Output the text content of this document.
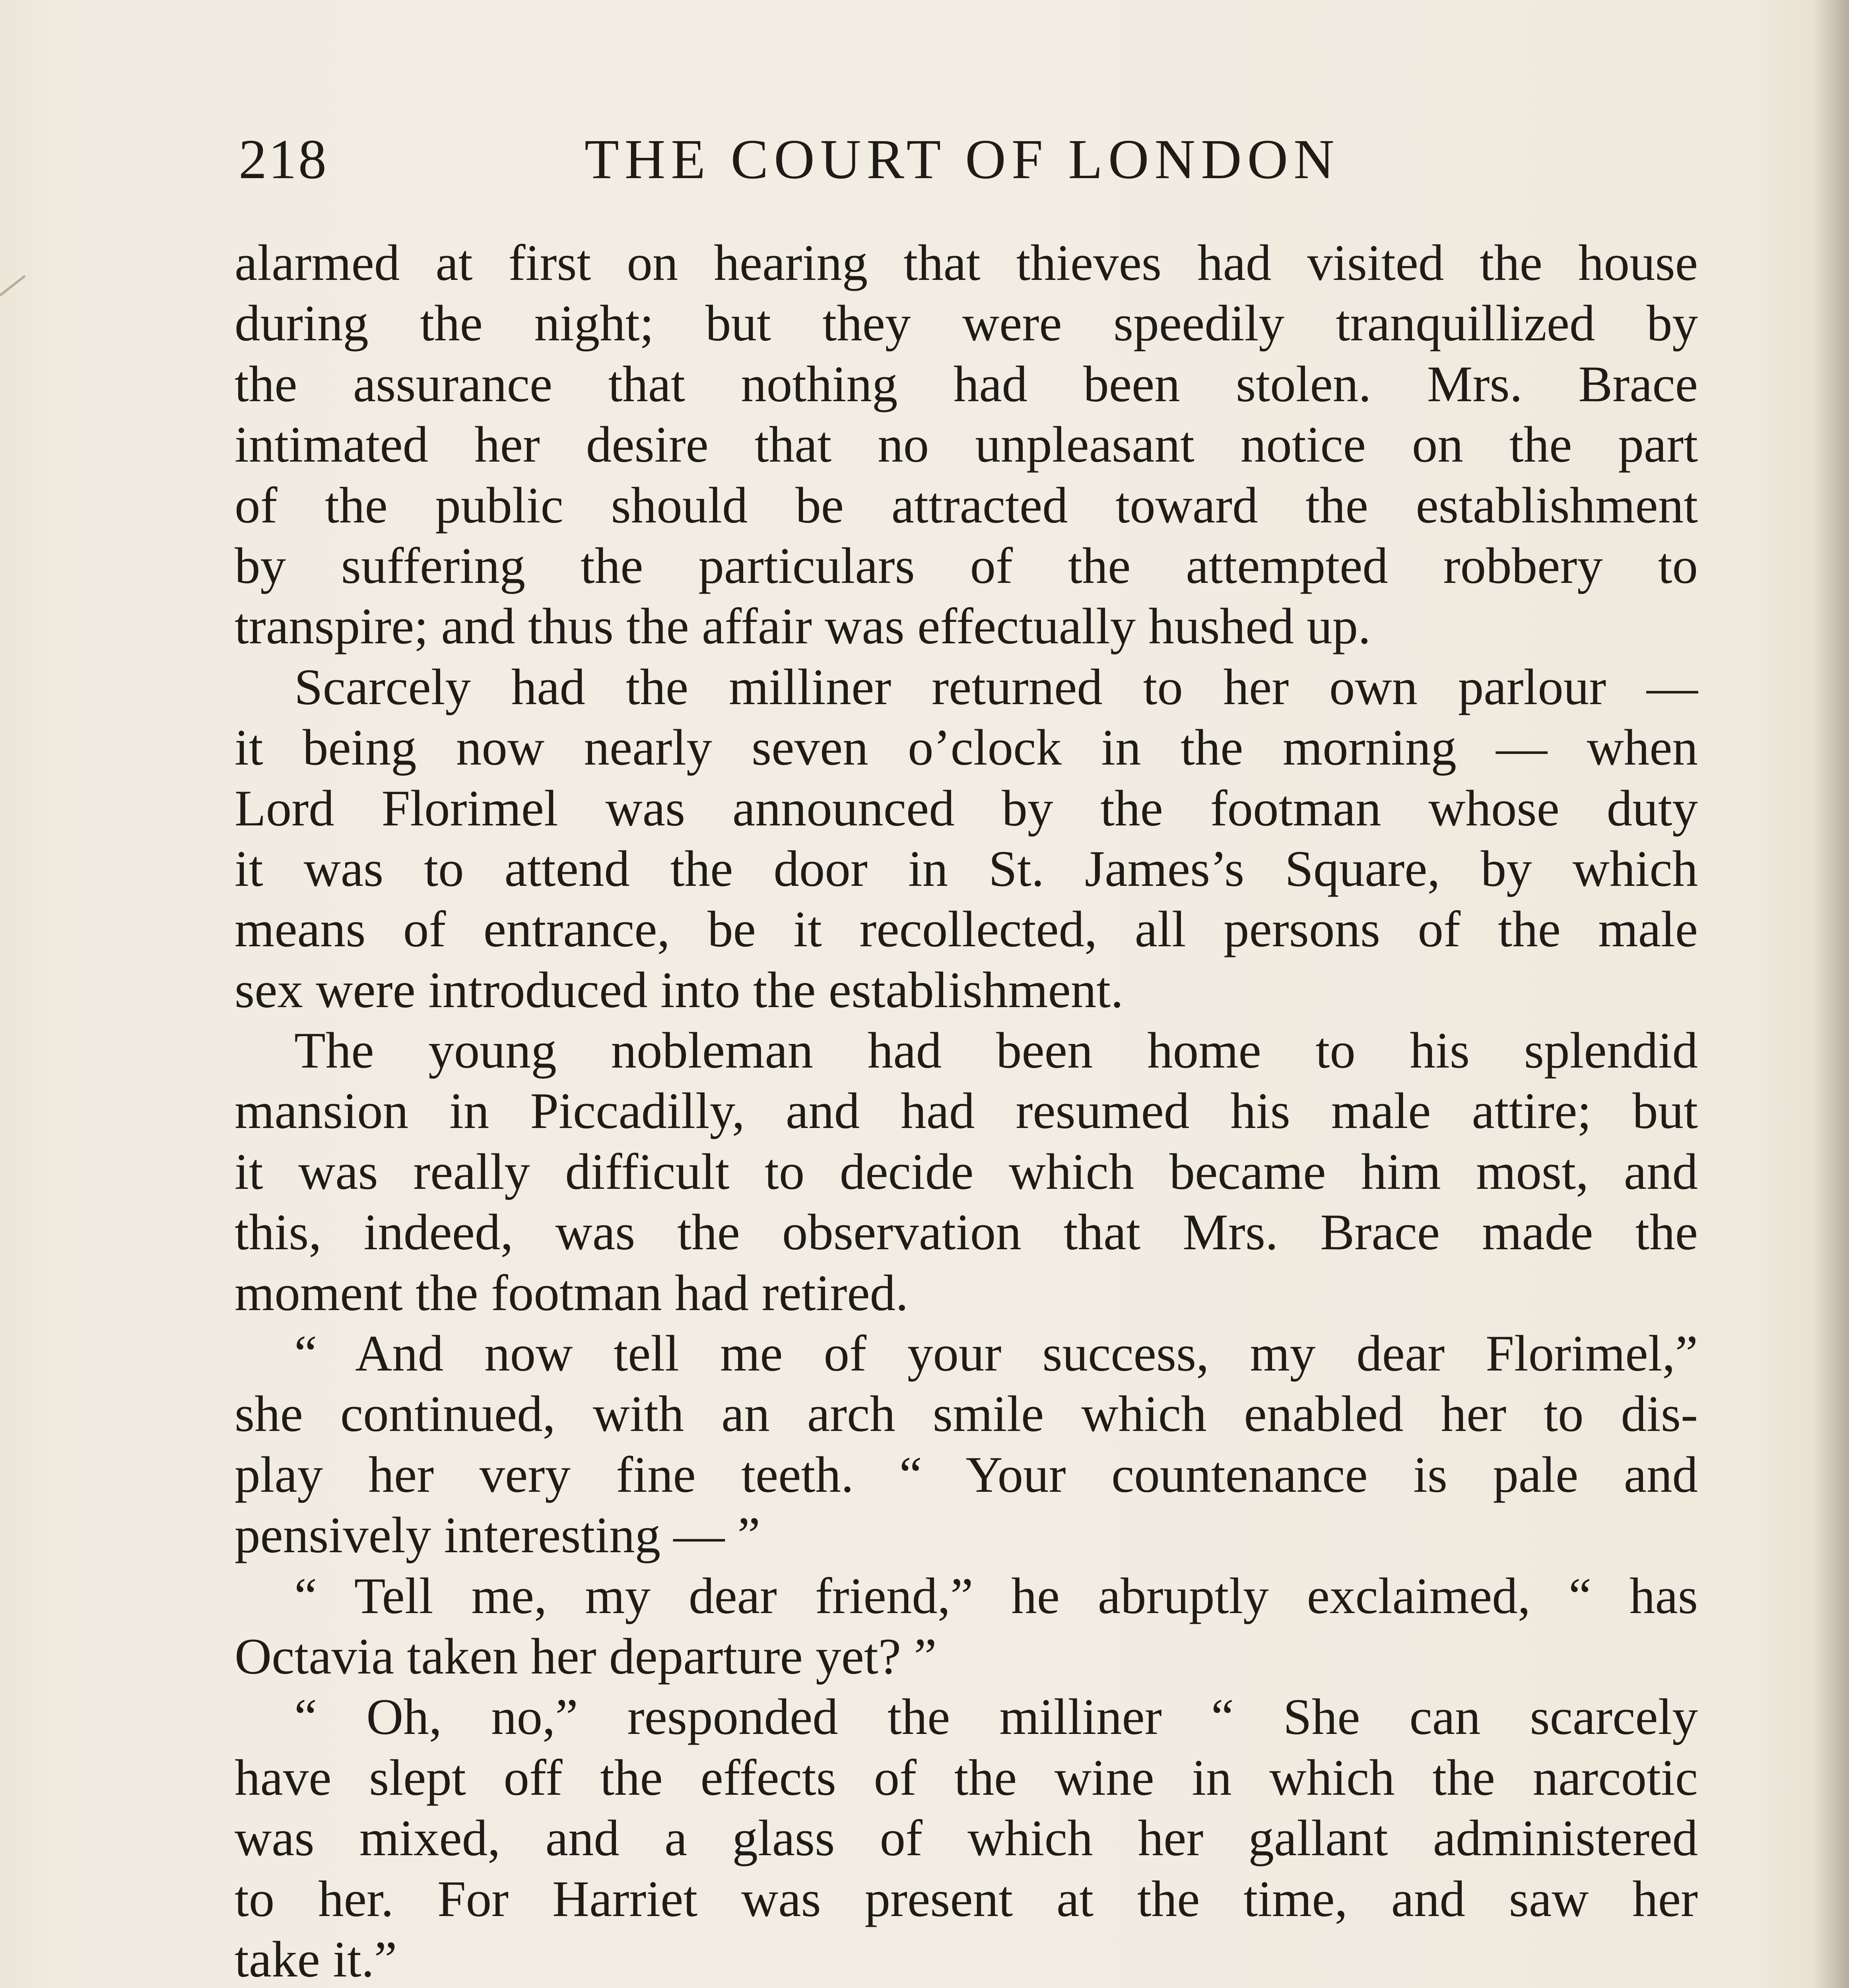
218	THE COURT OF LONDON
alarmed at first on hearing that thieves had visited the house
during the night; but they were speedily tranquillized by
the assurance that nothing had been stolen. Mrs. Brace
intimated her desire that no unpleasant notice on the part
of the public should be attracted toward the establishment
by suffering the particulars of the attempted robbery to
transpire; and thus the affair was effectually hushed up.
Scarcely had the milliner returned to her own parlour —
it being now nearly seven o’clock in the morning — when
Lord Florimel was announced by the footman whose duty
it was to attend the door in St. James’s Square, by which
means of entrance, be it recollected, all persons of the male
sex were introduced into the establishment.
The young nobleman had been home to his splendid
mansion in Piccadilly, and had resumed his male attire; but
it was really difficult to decide which became him most, and
this, indeed, was the observation that Mrs. Brace made the
moment the footman had retired.
“ And now tell me of your success, my dear Florimel,”
she continued, with an arch smile which enabled her to dis-
play her very fine teeth. “ Your countenance is pale and
pensively interesting — ”
“ Tell me, my dear friend,” he abruptly exclaimed, “ has
Octavia taken her departure yet? ”
“ Oh, no,” responded the milliner “ She can scarcely
have slept off the effects of the wine in which the narcotic
was mixed, and a glass of which her gallant administered
to her. For Harriet was present at the time, and saw her
take it.”
